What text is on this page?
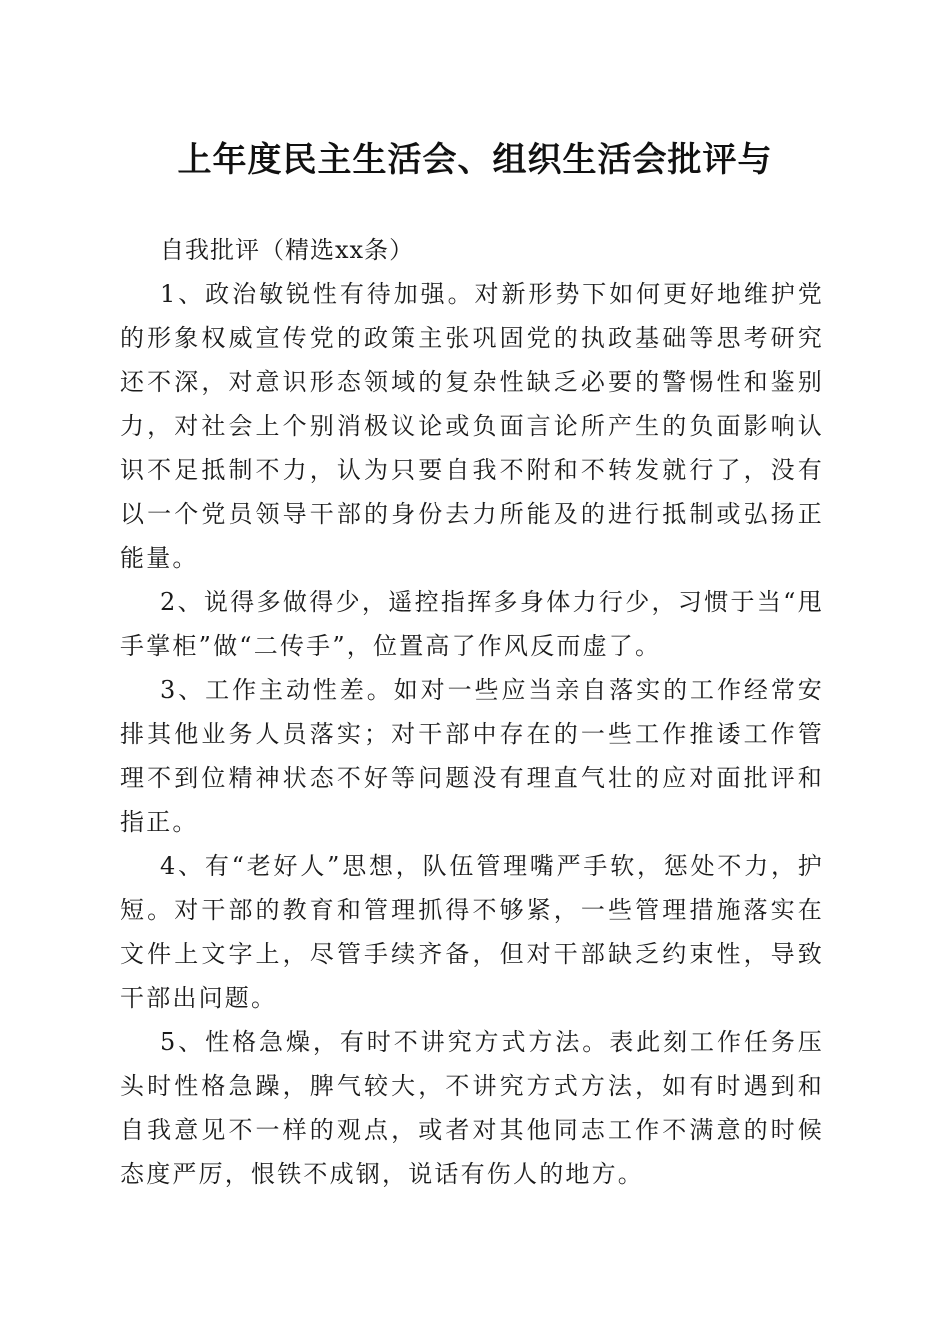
上年度民主生活会、组织生活会批评与

自我批评（精选xx条）

1、政治敏锐性有待加强。对新形势下如何更好地维护党的形象权威宣传党的政策主张巩固党的执政基础等思考研究还不深，对意识形态领域的复杂性缺乏必要的警惕性和鉴别力，对社会上个别消极议论或负面言论所产生的负面影响认识不足抵制不力，认为只要自我不附和不转发就行了，没有以一个党员领导干部的身份去力所能及的进行抵制或弘扬正能量。

2、说得多做得少，遥控指挥多身体力行少，习惯于当“甩手掌柜”做“二传手”，位置高了作风反而虚了。

3、工作主动性差。如对一些应当亲自落实的工作经常安排其他业务人员落实；对干部中存在的一些工作推诿工作管理不到位精神状态不好等问题没有理直气壮的应对面批评和指正。

4、有“老好人”思想，队伍管理嘴严手软，惩处不力，护短。对干部的教育和管理抓得不够紧，一些管理措施落实在文件上文字上，尽管手续齐备，但对干部缺乏约束性，导致干部出问题。

5、性格急燥，有时不讲究方式方法。表此刻工作任务压头时性格急躁，脾气较大，不讲究方式方法，如有时遇到和自我意见不一样的观点，或者对其他同志工作不满意的时候态度严厉，恨铁不成钢，说话有伤人的地方。
